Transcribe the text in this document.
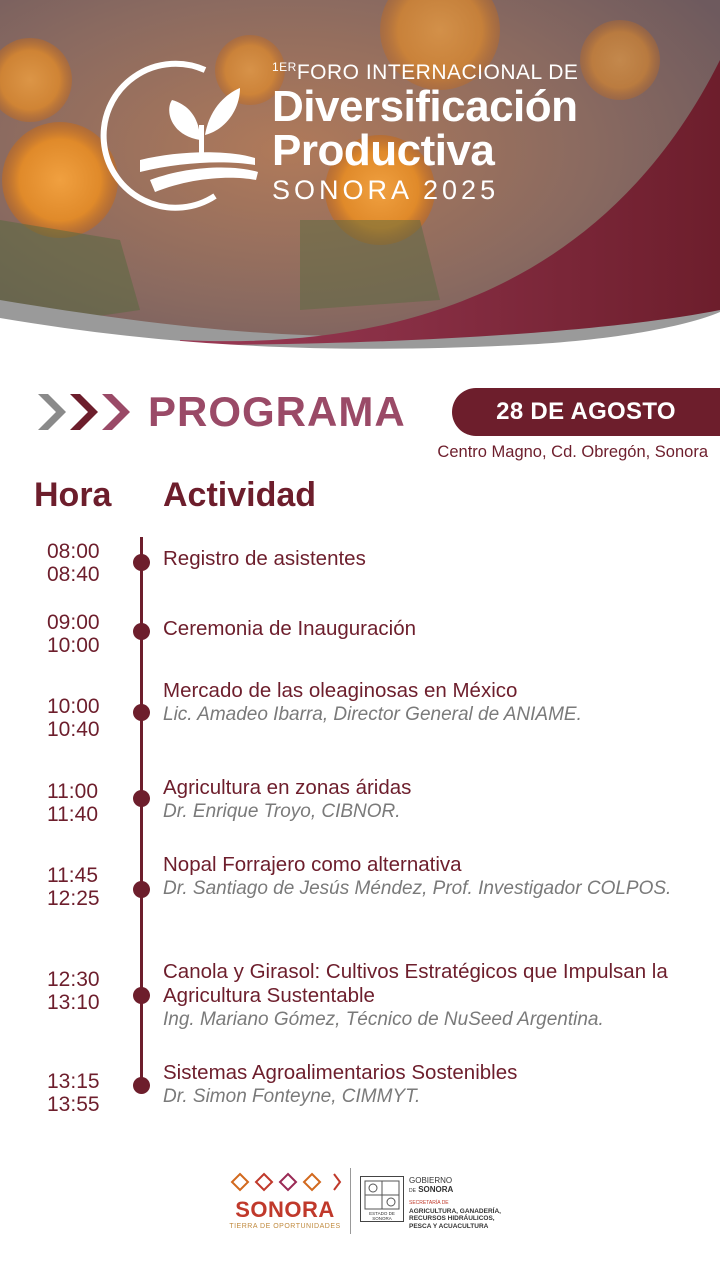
$^{1ER}$FORO INTERNACIONAL DE
Diversificación
Productiva
SONORA 2025
PROGRAMA	28 DE AGOSTO
Centro Magno, Cd. Obregón, Sonora
Hora Actividad
08:00
08:40
Registro de asistentes
09:00
10:00
Ceremonia de Inauguración
10:00
10:40
Mercado de las oleaginosas en México
Lic. Amadeo Ibarra, Director General de ANIAME.
11:00
11:40
Agricultura en zonas áridas
Dr. Enrique Troyo, CIBNOR.
11:45
12:25
Nopal Forrajero como alternativa
Dr. Santiago de Jesús Méndez, Prof. Investigador COLPOS.
12:30
13:10
Canola y Girasol: Cultivos Estratégicos que Impulsan la Agricultura Sustentable
Ing. Mariano Gómez, Técnico de NuSeed Argentina.
13:15
13:55
Sistemas Agroalimentarios Sostenibles
Dr. Simon Fonteyne, CIMMYT.
SONORA
TIERRA DE OPORTUNIDADES
ESTADO DE SONORA
GOBIERNO
DE SONORA
SECRETARÍA DE
AGRICULTURA, GANADERÍA, RECURSOS HIDRÁULICOS, PESCA Y ACUACULTURA
